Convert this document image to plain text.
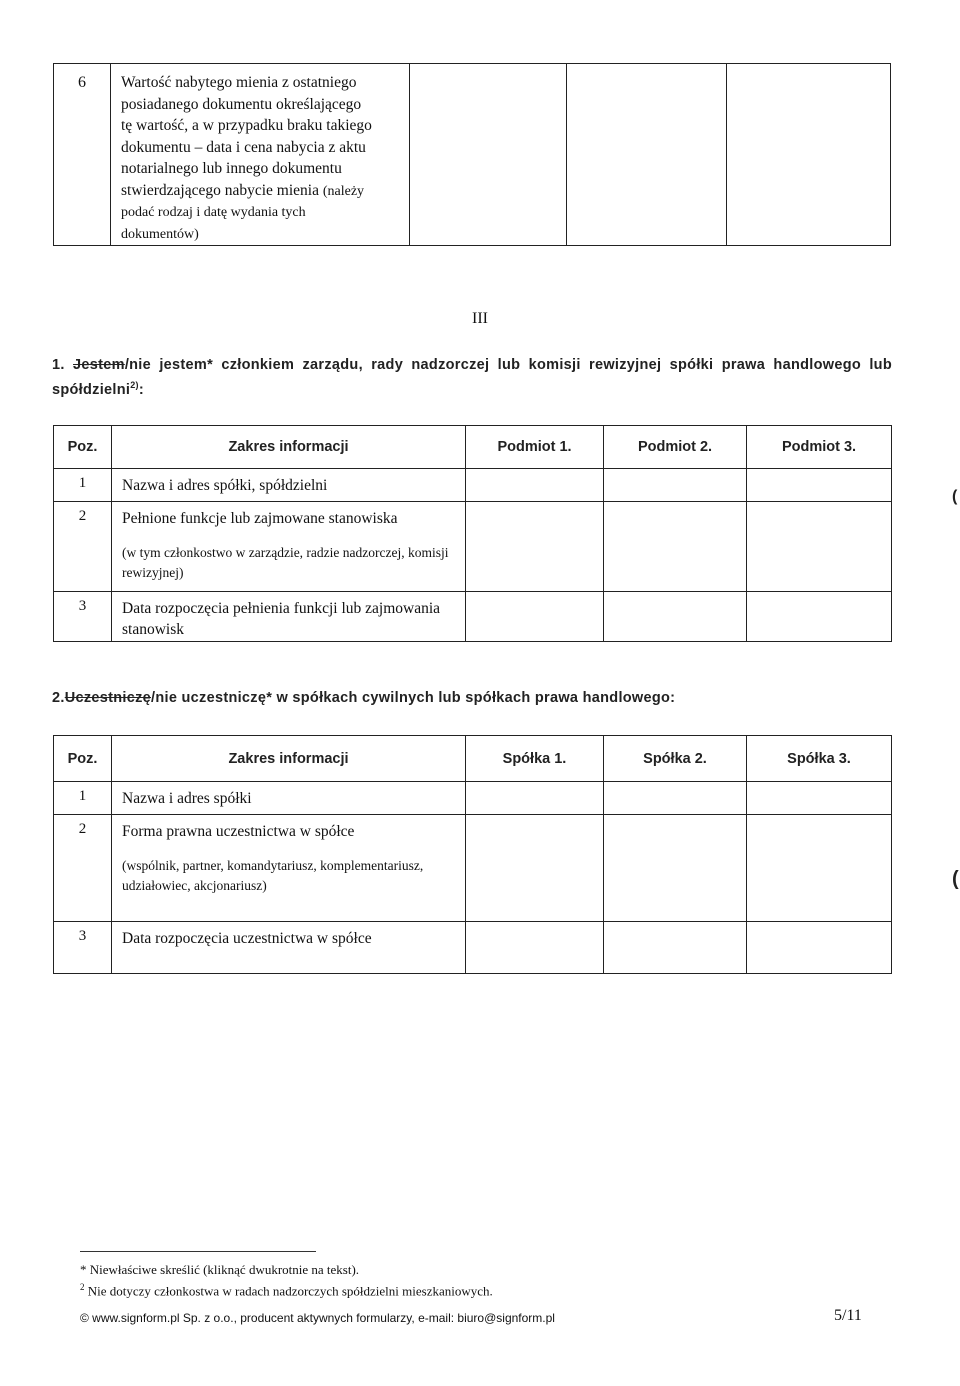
6	Wartość nabytego mienia z ostatniego
posiadanego dokumentu określającego
tę wartość, a w przypadku braku takiego
dokumentu – data i cena nabycia z aktu
notarialnego lub innego dokumentu
stwierdzającego nabycie mienia (należy
podać rodzaj i datę wydania tych
dokumentów)

III
1. Jestem/nie jestem* członkiem zarządu, rady nadzorczej lub komisji rewizyjnej spółki prawa handlowego lub spółdzielni$^{2)}$:
Poz.	Zakres informacji	Podmiot 1.	Podmiot 2.	Podmiot 3.
1	Nazwa i adres spółki, spółdzielni			
2	Pełnione funkcje lub zajmowane stanowiska
(w tym członkostwo w zarządzie, radzie nadzorczej, komisji rewizyjnej)			

3	Data rozpoczęcia pełnienia funkcji lub zajmowania stanowisk			
2.Uczestniczę/nie uczestniczę* w spółkach cywilnych lub spółkach prawa handlowego:
Poz.	Zakres informacji	Spółka 1.	Spółka 2.	Spółka 3.
1	Nazwa i adres spółki			
2	Forma prawna uczestnictwa w spółce
(wspólnik, partner, komandytariusz, komplementariusz, udziałowiec, akcjonariusz)			

3	Data rozpoczęcia uczestnictwa w spółce			
* Niewłaściwe skreślić (kliknąć dwukrotnie na tekst).
$^2$ Nie dotyczy członkostwa w radach nadzorczych spółdzielni mieszkaniowych.
© www.signform.pl Sp. z o.o., producent aktywnych formularzy, e-mail: biuro@signform.pl	5/11
(
(
